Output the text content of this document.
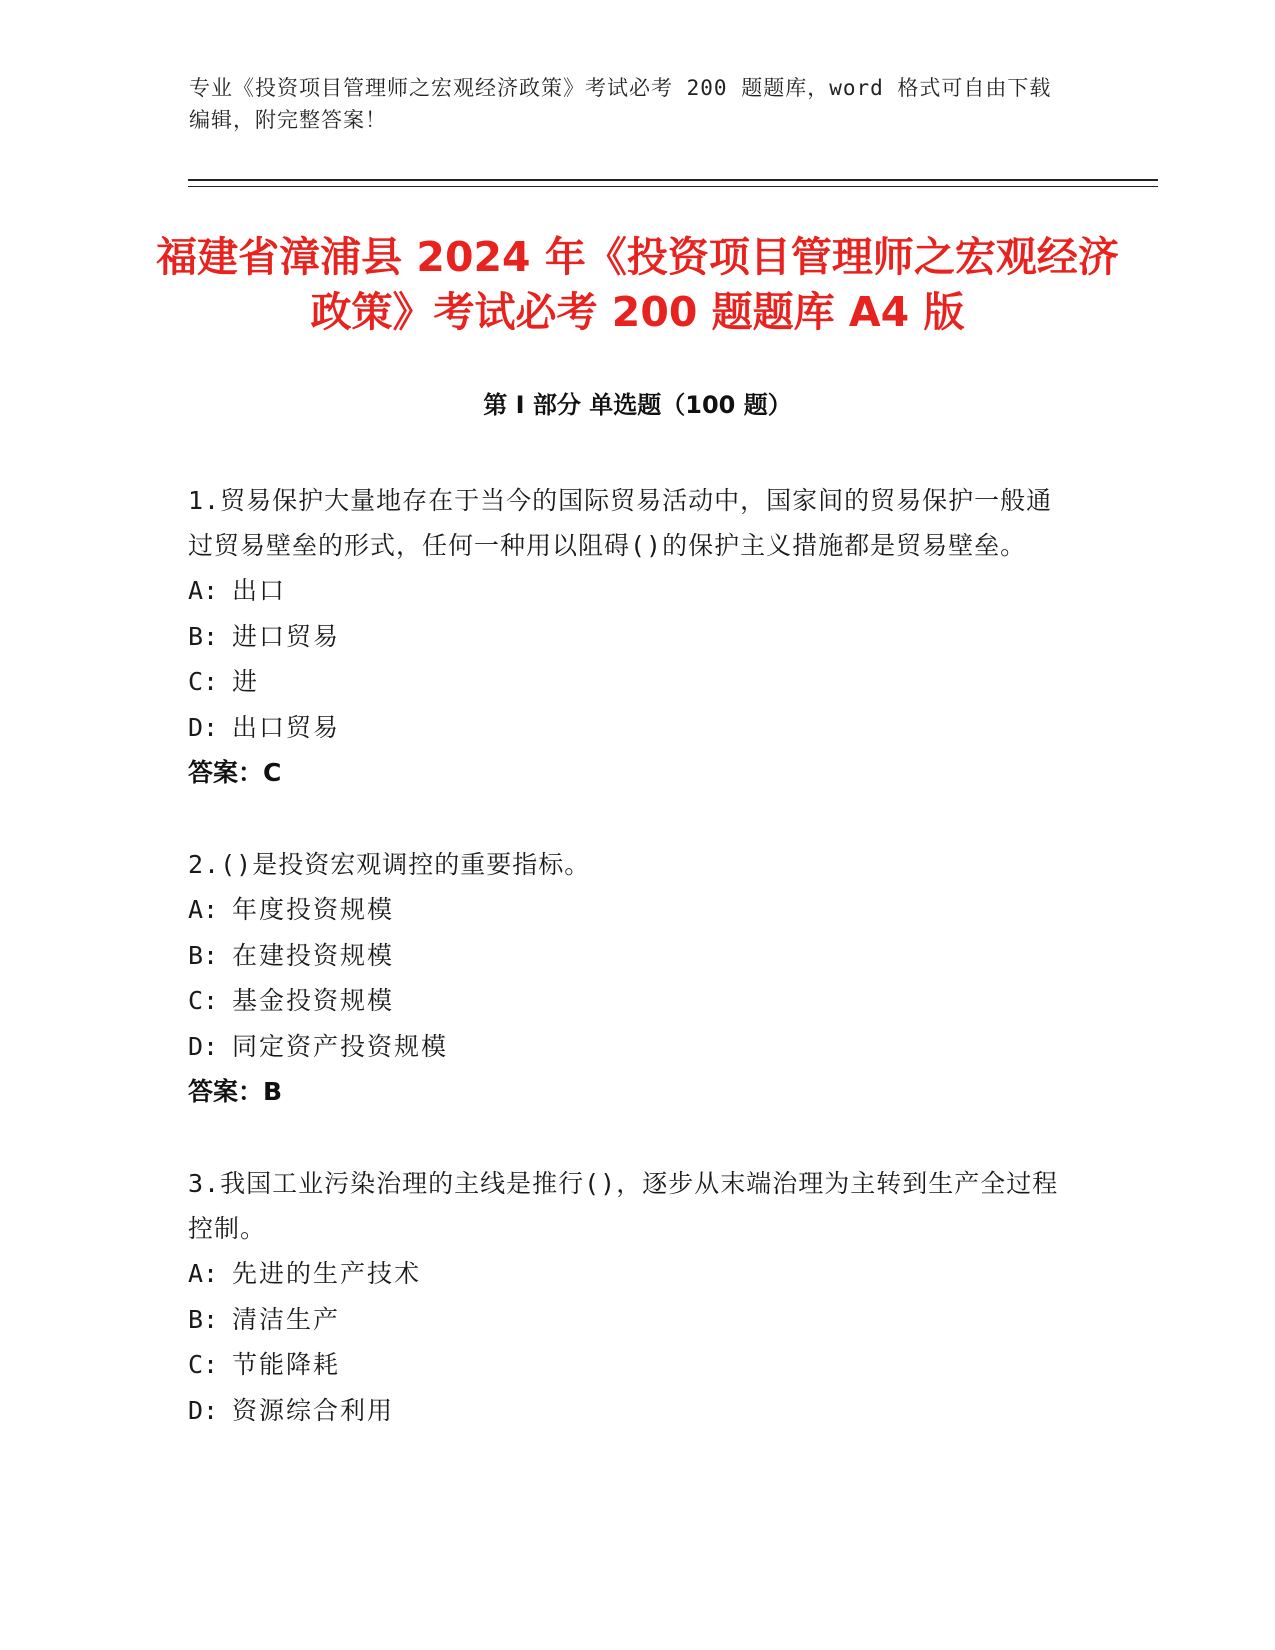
专业《投资项目管理师之宏观经济政策》考试必考 200 题题库，word 格式可自由下载编辑，附完整答案！
福建省漳浦县 2024 年《投资项目管理师之宏观经济政策》考试必考 200 题题库 A4 版
第 I 部分 单选题（100 题）
1.贸易保护大量地存在于当今的国际贸易活动中，国家间的贸易保护一般通过贸易壁垒的形式，任何一种用以阻碍()的保护主义措施都是贸易壁垒。
A: 出口
B: 进口贸易
C: 进
D: 出口贸易
答案：C
2.()是投资宏观调控的重要指标。
A: 年度投资规模
B: 在建投资规模
C: 基金投资规模
D: 同定资产投资规模
答案：B
3.我国工业污染治理的主线是推行()，逐步从末端治理为主转到生产全过程控制。
A: 先进的生产技术
B: 清洁生产
C: 节能降耗
D: 资源综合利用
